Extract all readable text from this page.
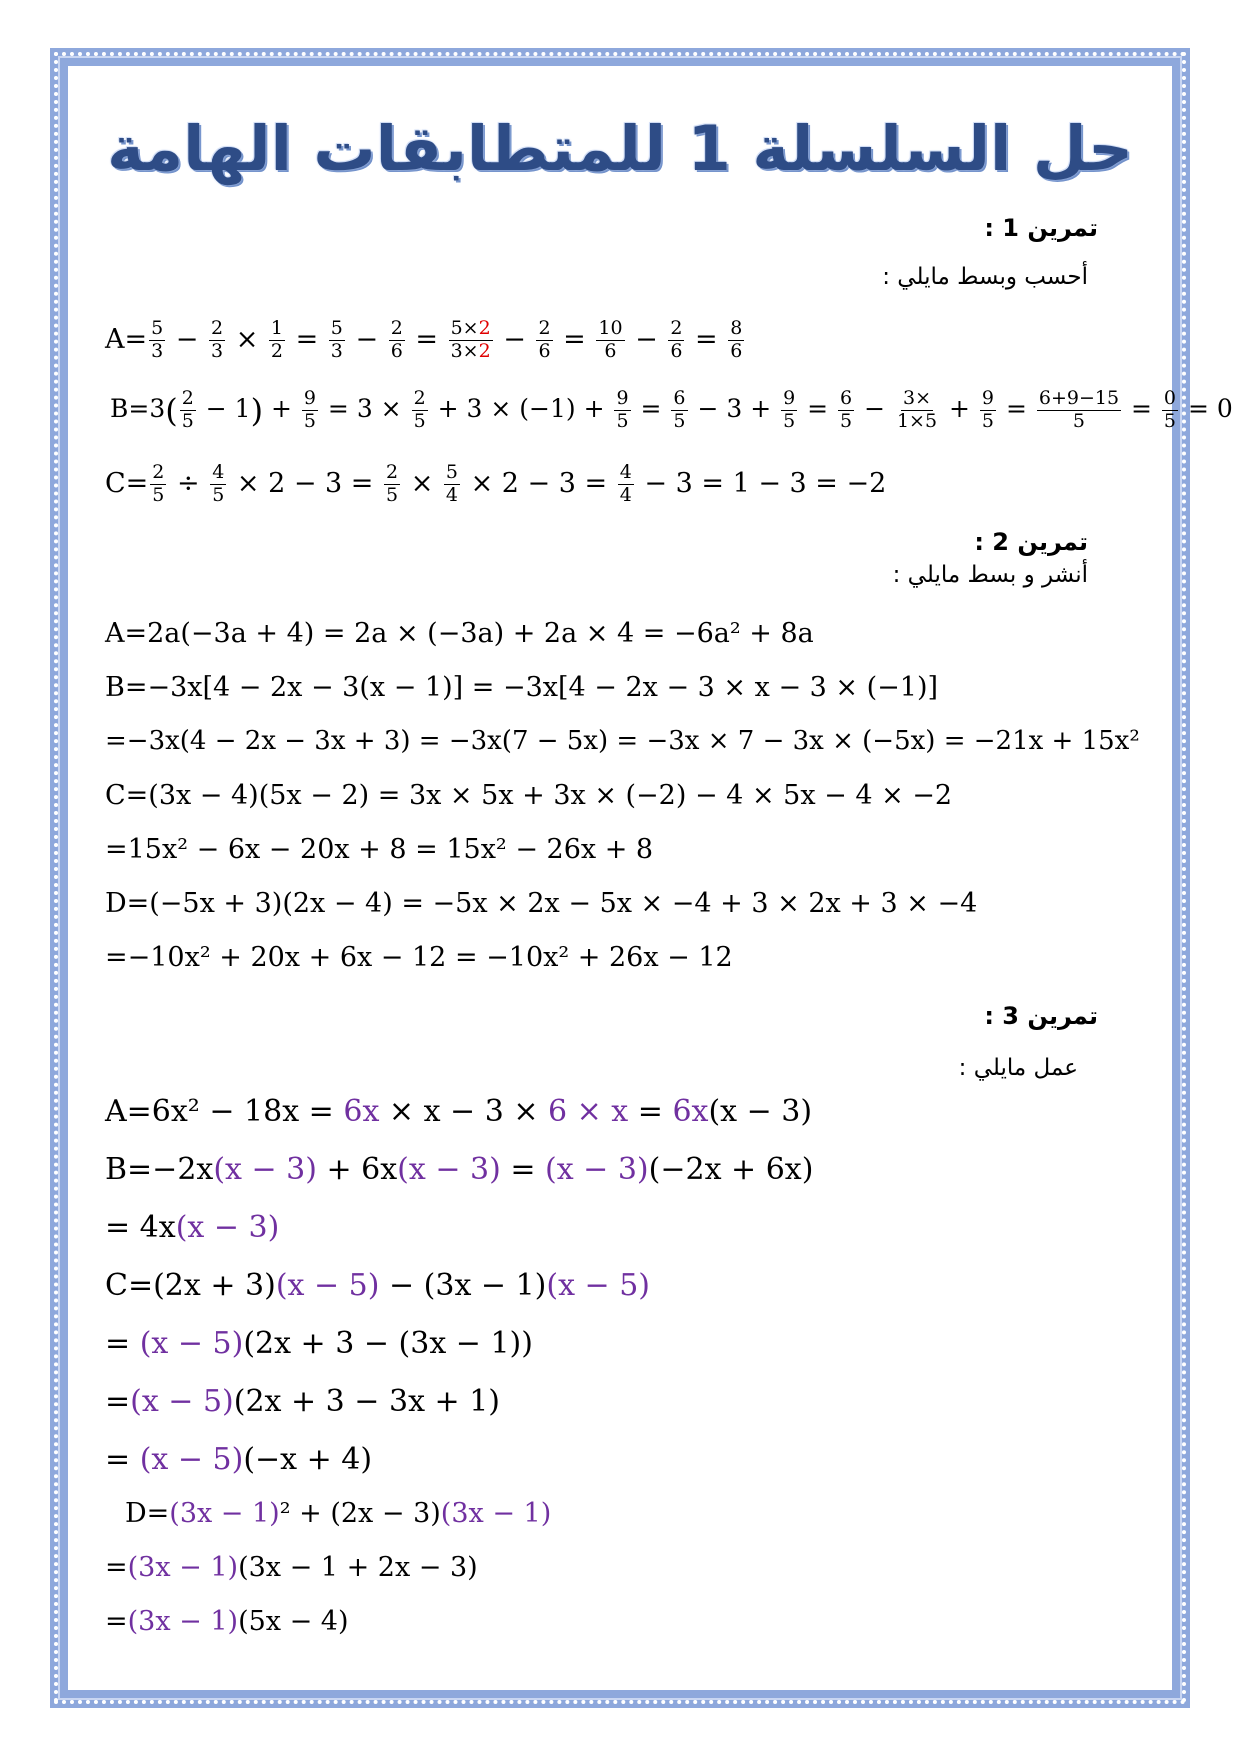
حل السلسلة 1 للمتطابقات الهامة
تمرين 1 :
أحسب وبسط مايلي :
$A= \frac{5}{3} - \frac{2}{3} \times \frac{1}{2} = \frac{5}{3} - \frac{2}{6} = \frac{5\times 2}{3\times 2} - \frac{2}{6} = \frac{10}{6} - \frac{2}{6} = \frac{8}{6}$
$B=3( \frac{2}{5} - 1) + \frac{9}{5} = 3 \times \frac{2}{5} + 3 \times (-1) + \frac{9}{5} = \frac{6}{5} - 3 + \frac{9}{5} = \frac{6}{5} - \frac{3\times}{1\times 5} + \frac{9}{5} = \frac{6+9-15}{5} = \frac{0}{5} = 0$
$C= \frac{2}{5} \div \frac{4}{5} \times 2 - 3 = \frac{2}{5} \times \frac{5}{4} \times 2 - 3 = \frac{4}{4} - 3 = 1 - 3 = -2$
تمرين 2 :
أنشر و بسط مايلي :
A=2a(−3a + 4) = 2a × (−3a) + 2a × 4 = −6a² + 8a
B=−3x[4 − 2x − 3(x − 1)] = −3x[4 − 2x − 3 × x − 3 × (−1)]
=−3x(4 − 2x − 3x + 3) = −3x(7 − 5x) = −3x × 7 − 3x × (−5x) = −21x + 15x²
C=(3x − 4)(5x − 2) = 3x × 5x + 3x × (−2) − 4 × 5x − 4 × −2
=15x² − 6x − 20x + 8 = 15x² − 26x + 8
D=(−5x + 3)(2x − 4) = −5x × 2x − 5x × −4 + 3 × 2x + 3 × −4
=−10x² + 20x + 6x − 12 = −10x² + 26x − 12
تمرين 3 :
عمل مايلي :
A=6x² − 18x = 6x × x − 3 × 6 × x = 6x(x − 3)
B=−2x(x − 3) + 6x(x − 3) = (x − 3)(−2x + 6x)
= 4x(x − 3)
C=(2x + 3)(x − 5) − (3x − 1)(x − 5)
= (x − 5)(2x + 3 − (3x − 1))
=(x − 5)(2x + 3 − 3x + 1)
= (x − 5)(−x + 4)
D=(3x − 1)² + (2x − 3)(3x − 1)
=(3x − 1)(3x − 1 + 2x − 3)
=(3x − 1)(5x − 4)
